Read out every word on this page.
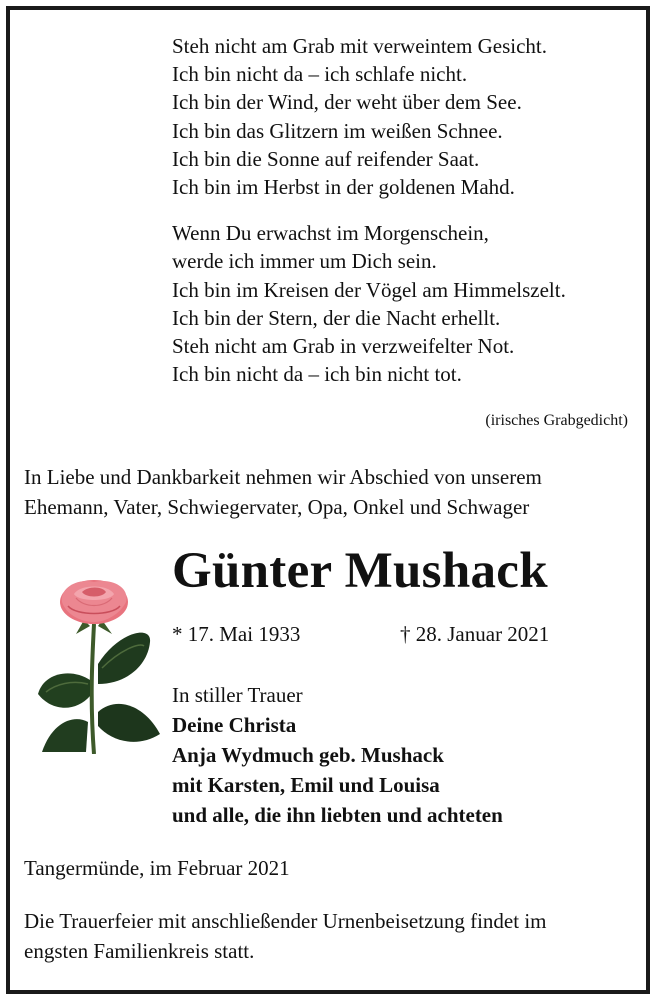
Steh nicht am Grab mit verweintem Gesicht.
Ich bin nicht da – ich schlafe nicht.
Ich bin der Wind, der weht über dem See.
Ich bin das Glitzern im weißen Schnee.
Ich bin die Sonne auf reifender Saat.
Ich bin im Herbst in der goldenen Mahd.
Wenn Du erwachst im Morgenschein,
werde ich immer um Dich sein.
Ich bin im Kreisen der Vögel am Himmelszelt.
Ich bin der Stern, der die Nacht erhellt.
Steh nicht am Grab in verzweifelter Not.
Ich bin nicht da – ich bin nicht tot.
(irisches Grabgedicht)
In Liebe und Dankbarkeit nehmen wir Abschied von unserem
Ehemann, Vater, Schwiegervater, Opa, Onkel und Schwager
Günter Mushack
* 17. Mai 1933	† 28. Januar 2021
In stiller Trauer
Deine Christa
Anja Wydmuch geb. Mushack
mit Karsten, Emil und Louisa
und alle, die ihn liebten und achteten
Tangermünde, im Februar 2021
Die Trauerfeier mit anschließender Urnenbeisetzung findet im
engsten Familienkreis statt.
